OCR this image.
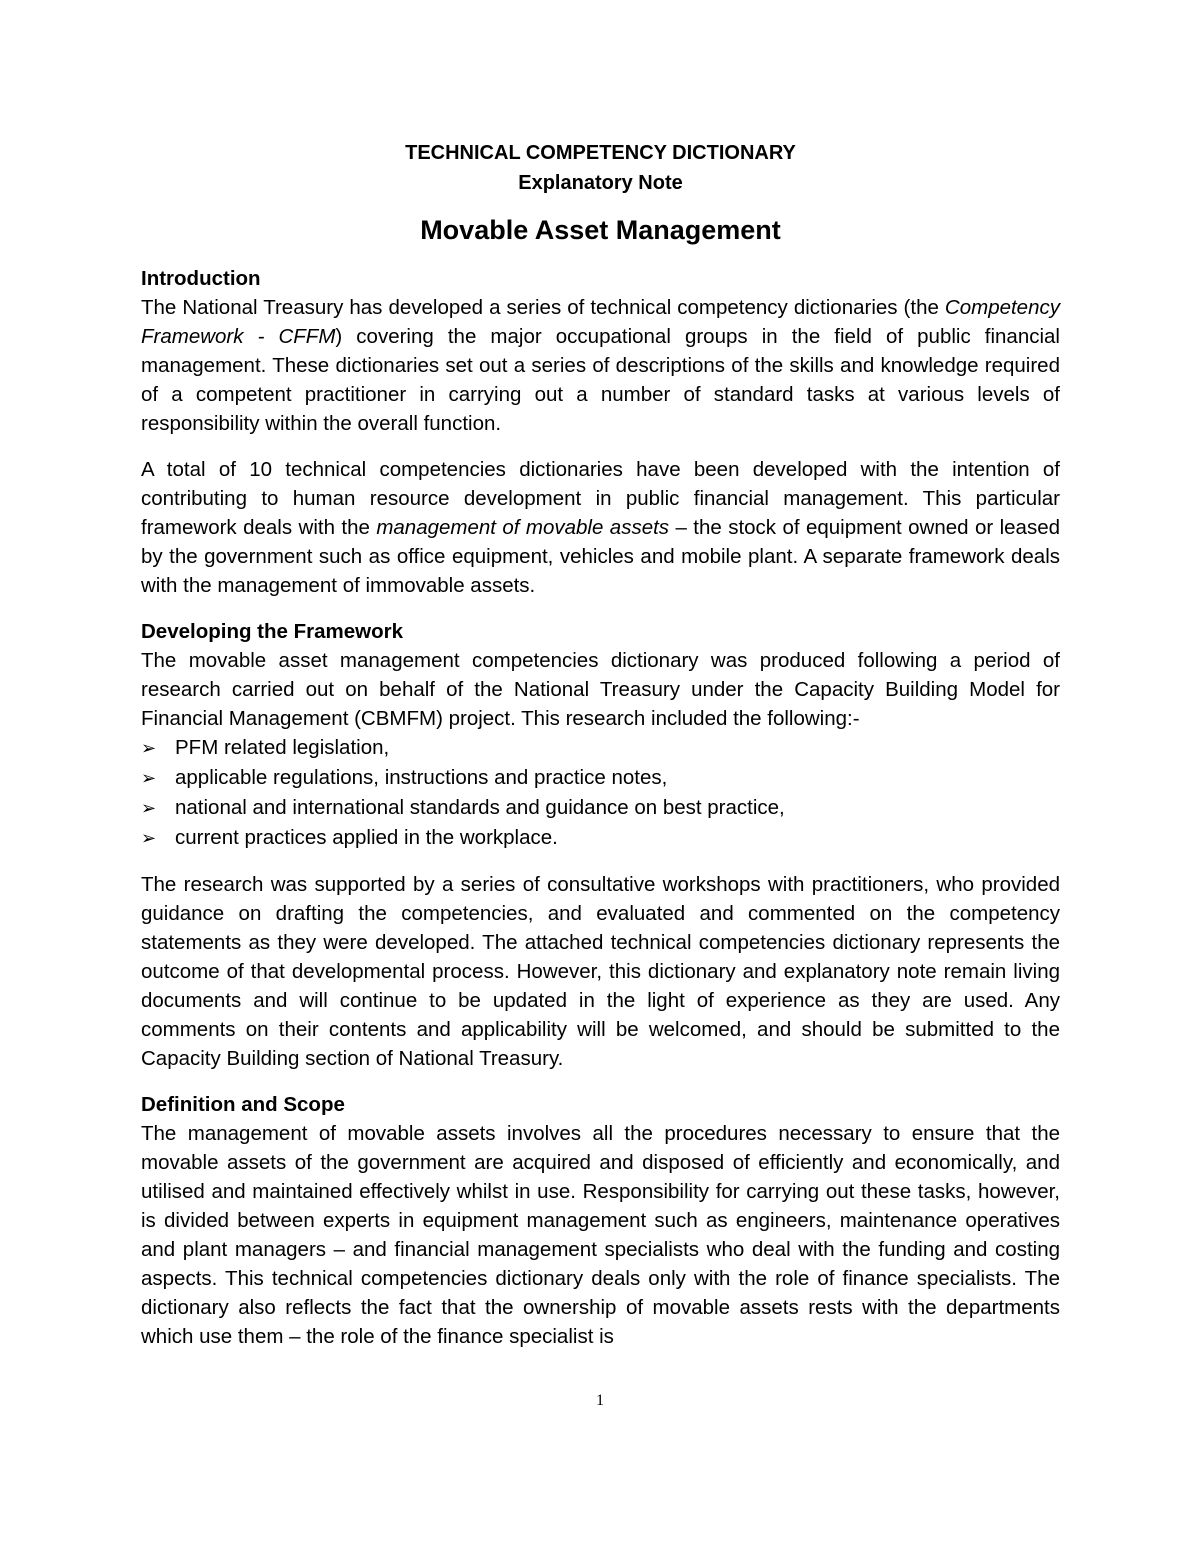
TECHNICAL COMPETENCY DICTIONARY

Explanatory Note

Movable Asset Management

Introduction

The National Treasury has developed a series of technical competency dictionaries (the Competency Framework - CFFM) covering the major occupational groups in the field of public financial management. These dictionaries set out a series of descriptions of the skills and knowledge required of a competent practitioner in carrying out a number of standard tasks at various levels of responsibility within the overall function.

A total of 10 technical competencies dictionaries have been developed with the intention of contributing to human resource development in public financial management. This particular framework deals with the management of movable assets – the stock of equipment owned or leased by the government such as office equipment, vehicles and mobile plant. A separate framework deals with the management of immovable assets.

Developing the Framework

The movable asset management competencies dictionary was produced following a period of research carried out on behalf of the National Treasury under the Capacity Building Model for Financial Management (CBMFM) project. This research included the following:-

➢ PFM related legislation,
➢ applicable regulations, instructions and practice notes,
➢ national and international standards and guidance on best practice,
➢ current practices applied in the workplace.

The research was supported by a series of consultative workshops with practitioners, who provided guidance on drafting the competencies, and evaluated and commented on the competency statements as they were developed. The attached technical competencies dictionary represents the outcome of that developmental process. However, this dictionary and explanatory note remain living documents and will continue to be updated in the light of experience as they are used. Any comments on their contents and applicability will be welcomed, and should be submitted to the Capacity Building section of National Treasury.

Definition and Scope

The management of movable assets involves all the procedures necessary to ensure that the movable assets of the government are acquired and disposed of efficiently and economically, and utilised and maintained effectively whilst in use. Responsibility for carrying out these tasks, however, is divided between experts in equipment management such as engineers, maintenance operatives and plant managers – and financial management specialists who deal with the funding and costing aspects. This technical competencies dictionary deals only with the role of finance specialists. The dictionary also reflects the fact that the ownership of movable assets rests with the departments which use them – the role of the finance specialist is

1
